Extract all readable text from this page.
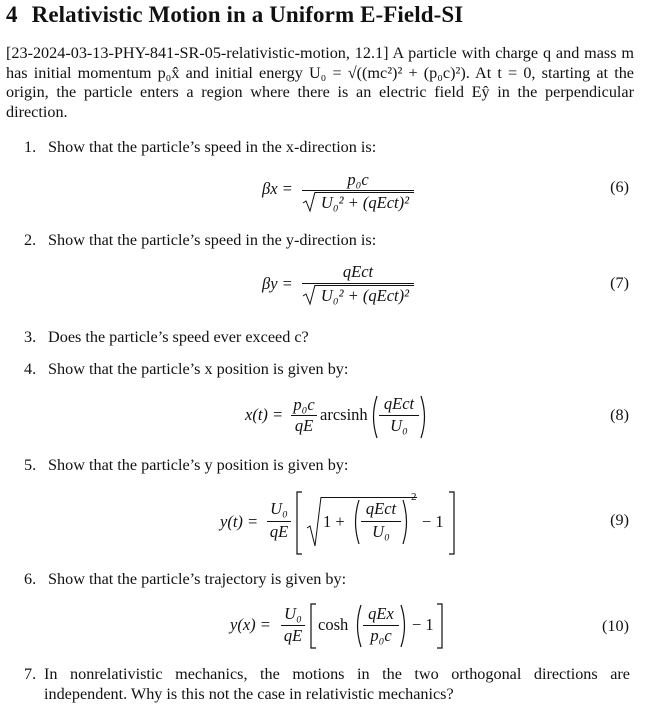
4 Relativistic Motion in a Uniform E-Field-SI

[23-2024-03-13-PHY-841-SR-05-relativistic-motion, 12.1] A particle with charge q and mass m has initial momentum p₀x̂ and initial energy U₀ = √((mc²)² + (p₀c)²). At t = 0, starting at the origin, the particle enters a region where there is an electric field Eŷ in the perpendicular direction.

1. Show that the particle’s speed in the x-direction is:
βx =	p₀c
U₀² + (qEct)²
(6)
2. Show that the particle’s speed in the y-direction is:
βy =
qEct
U₀² + (qEct)²
(7)
3. Does the particle’s speed ever exceed c?
4. Show that the particle’s x position is given by:
x(t) =
p₀c
qE
arcsinh
qEct
U₀
(8)
5. Show that the particle’s y position is given by:
y(t) =
U₀
qE
1 +
qEct
U₀
2
− 1	(9)
6. Show that the particle’s trajectory is given by:
y(x) =
U₀
qE
cosh
qEx
p₀c
− 1	(10)
7. In nonrelativistic mechanics, the motions in the two orthogonal directions are independent. Why is this not the case in relativistic mechanics?
